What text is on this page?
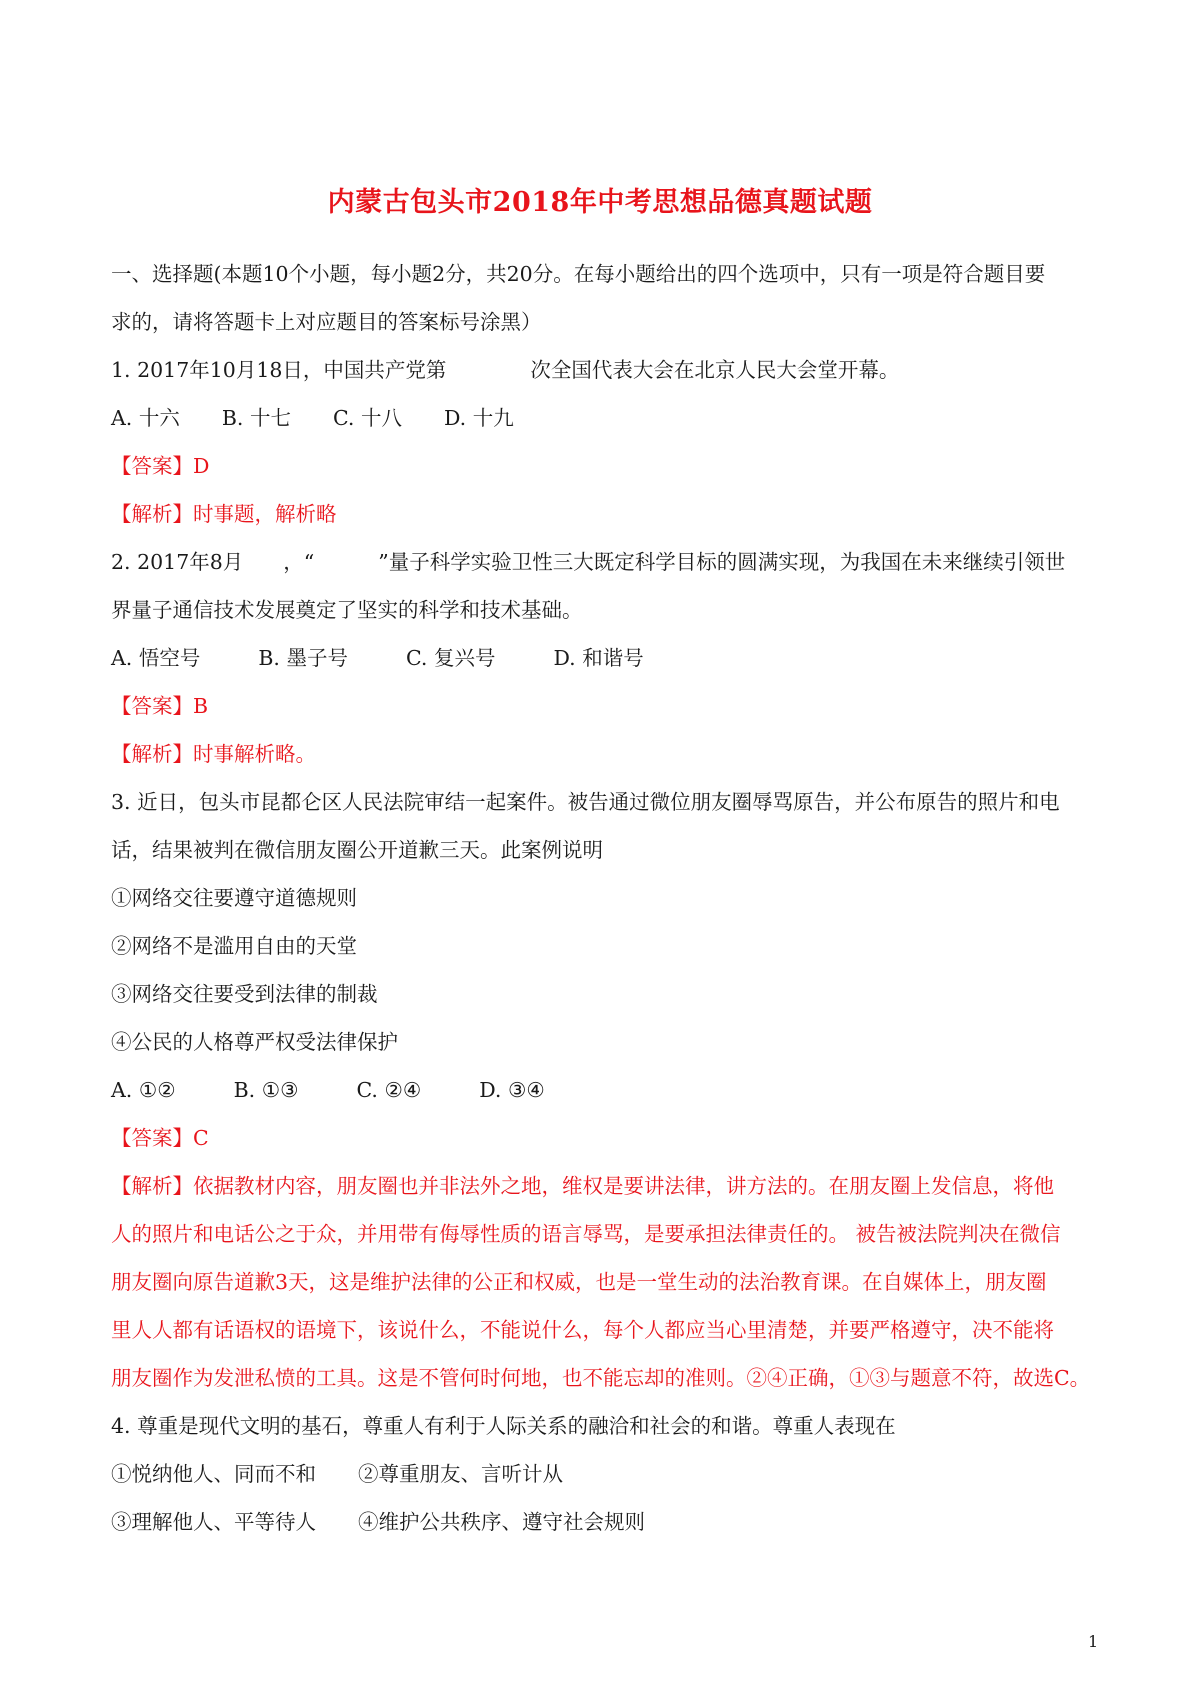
内蒙古包头市2018年中考思想品德真题试题
一、选择题(本题10个小题，每小题2分，共20分。在每小题给出的四个选项中，只有一项是符合题目要
求的，请将答题卡上对应题目的答案标号涂黑）
1. 2017年10月18日，中国共产党第	次全国代表大会在北京人民大会堂开幕。
A. 十六 B. 十七 C. 十八 D. 十九
【答案】D
【解析】时事题，解析略
2. 2017年8月 ，“	”量子科学实验卫性三大既定科学目标的圆满实现，为我国在未来继续引领世
界量子通信技术发展奠定了坚实的科学和技术基础。
A. 悟空号	B. 墨子号	C. 复兴号	D. 和谐号
【答案】B
【解析】时事解析略。
3. 近日，包头市昆都仑区人民法院审结一起案件。被告通过微位朋友圈辱骂原告，并公布原告的照片和电
话，结果被判在微信朋友圈公开道歉三天。此案例说明
①网络交往要遵守道德规则
②网络不是滥用自由的天堂
③网络交往要受到法律的制裁
④公民的人格尊严权受法律保护
A. ①②	B. ①③	C. ②④	D. ③④
【答案】C
【解析】依据教材内容，朋友圈也并非法外之地，维权是要讲法律，讲方法的。在朋友圈上发信息，将他
人的照片和电话公之于众，并用带有侮辱性质的语言辱骂，是要承担法律责任的。 被告被法院判决在微信
朋友圈向原告道歉3天，这是维护法律的公正和权威，也是一堂生动的法治教育课。在自媒体上，朋友圈
里人人都有话语权的语境下，该说什么，不能说什么，每个人都应当心里清楚，并要严格遵守，决不能将
朋友圈作为发泄私愤的工具。这是不管何时何地，也不能忘却的准则。②④正确，①③与题意不符，故选C。
4. 尊重是现代文明的基石，尊重人有利于人际关系的融洽和社会的和谐。尊重人表现在
①悦纳他人、同而不和 ②尊重朋友、言听计从
③理解他人、平等待人 ④维护公共秩序、遵守社会规则
1
